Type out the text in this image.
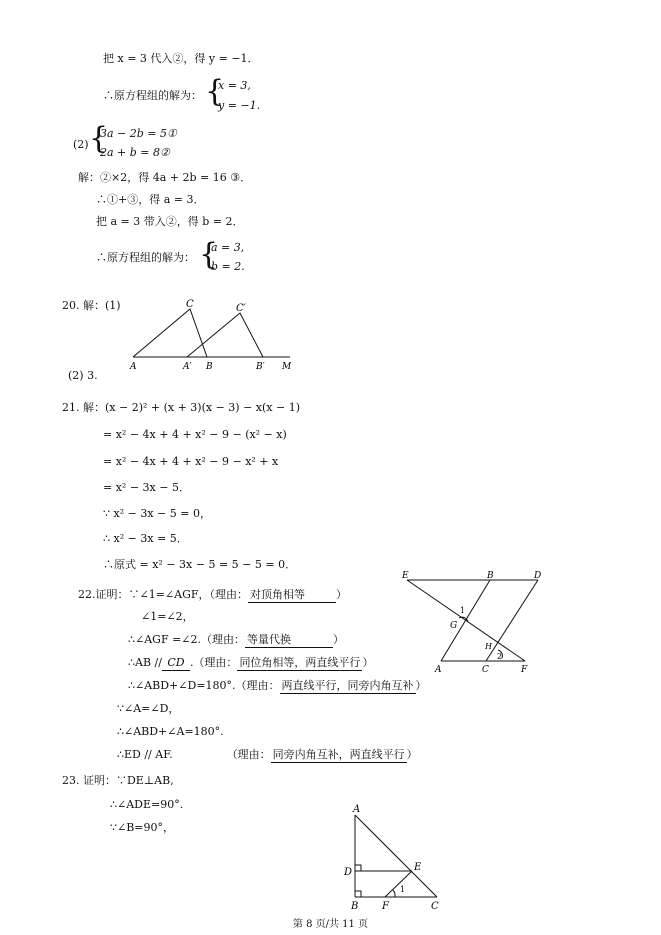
把 x = 3 代入②，得 y = −1．
∴原方程组的解为： {
x = 3,
y = −1.
(2) {
3a − 2b = 5①
2a + b = 8②
解：②×2，得 4a + 2b = 16 ③．
∴①+③，得 a = 3．
把 a = 3 带入②，得 b = 2．
∴原方程组的解为： {
a = 3,
b = 2.
20. 解：(1)	C	C′
A	A′ B	B′ M
(2) 3.
21. 解：(x − 2)² + (x + 3)(x − 3) − x(x − 1)
= x² − 4x + 4 + x² − 9 − (x² − x)
= x² − 4x + 4 + x² − 9 − x² + x
= x² − 3x − 5．
∵ x² − 3x − 5 = 0，
∴ x² − 3x = 5．
∴原式 = x² − 3x − 5 = 5 − 5 = 0．
22.证明：∵∠1=∠AGF，（理由： 对顶角相等	）
∠1=∠2，
∴∠AGF =∠2.（理由： 等量代换	）
∴AB // CD .（理由： 同位角相等，两直线平行 ）
∴∠ABD+∠D=180°.（理由： 两直线平行，同旁内角互补 ）
∵∠A=∠D，
∴∠ABD+∠A=180°.
∴ED // AF.	（理由： 同旁内角互补，两直线平行 ）
E	B	D
1
G
H
2
A	C	F
23. 证明：∵DE⊥AB,
∴∠ADE=90°.
∵∠B=90°，
A
D	E
1
B F	C
第 8 页/共 11 页
